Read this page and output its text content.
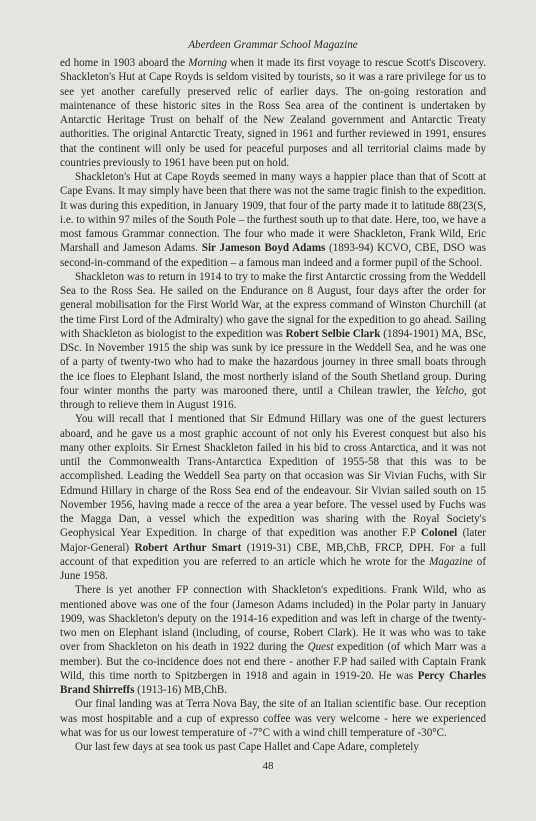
Aberdeen Grammar School Magazine

ed home in 1903 aboard the Morning when it made its first voyage to rescue Scott's Discovery. Shackleton's Hut at Cape Royds is seldom visited by tourists, so it was a rare privilege for us to see yet another carefully preserved relic of earlier days. The on-going restoration and maintenance of these historic sites in the Ross Sea area of the continent is undertaken by Antarctic Heritage Trust on behalf of the New Zealand government and Antarctic Treaty authorities. The original Antarctic Treaty, signed in 1961 and further reviewed in 1991, ensures that the continent will only be used for peaceful purposes and all territorial claims made by countries previously to 1961 have been put on hold.

Shackleton's Hut at Cape Royds seemed in many ways a happier place than that of Scott at Cape Evans. It may simply have been that there was not the same tragic finish to the expedition. It was during this expedition, in January 1909, that four of the party made it to latitude 88(23(S, i.e. to within 97 miles of the South Pole – the furthest south up to that date. Here, too, we have a most famous Grammar connection. The four who made it were Shackleton, Frank Wild, Eric Marshall and Jameson Adams. Sir Jameson Boyd Adams (1893-94) KCVO, CBE, DSO was second-in-command of the expedition – a famous man indeed and a former pupil of the School.

Shackleton was to return in 1914 to try to make the first Antarctic crossing from the Weddell Sea to the Ross Sea. He sailed on the Endurance on 8 August, four days after the order for general mobilisation for the First World War, at the express command of Winston Churchill (at the time First Lord of the Admiralty) who gave the signal for the expedition to go ahead. Sailing with Shackleton as biologist to the expedition was Robert Selbie Clark (1894-1901) MA, BSc, DSc. In November 1915 the ship was sunk by ice pressure in the Weddell Sea, and he was one of a party of twenty-two who had to make the hazardous journey in three small boats through the ice floes to Elephant Island, the most northerly island of the South Shetland group. During four winter months the party was marooned there, until a Chilean trawler, the Yelcho, got through to relieve them in August 1916.

You will recall that I mentioned that Sir Edmund Hillary was one of the guest lecturers aboard, and he gave us a most graphic account of not only his Everest conquest but also his many other exploits. Sir Ernest Shackleton failed in his bid to cross Antarctica, and it was not until the Commonwealth Trans-Antarctica Expedition of 1955-58 that this was to be accomplished. Leading the Weddell Sea party on that occasion was Sir Vivian Fuchs, with Sir Edmund Hillary in charge of the Ross Sea end of the endeavour. Sir Vivian sailed south on 15 November 1956, having made a recce of the area a year before. The vessel used by Fuchs was the Magga Dan, a vessel which the expedition was sharing with the Royal Society's Geophysical Year Expedition. In charge of that expedition was another F.P Colonel (later Major-General) Robert Arthur Smart (1919-31) CBE, MB,ChB, FRCP, DPH. For a full account of that expedition you are referred to an article which he wrote for the Magazine of June 1958.

There is yet another FP connection with Shackleton's expeditions. Frank Wild, who as mentioned above was one of the four (Jameson Adams included) in the Polar party in January 1909, was Shackleton's deputy on the 1914-16 expedition and was left in charge of the twenty-two men on Elephant island (including, of course, Robert Clark). He it was who was to take over from Shackleton on his death in 1922 during the Quest expedition (of which Marr was a member). But the co-incidence does not end there - another F.P had sailed with Captain Frank Wild, this time north to Spitzbergen in 1918 and again in 1919-20. He was Percy Charles Brand Shirreffs (1913-16) MB,ChB.

Our final landing was at Terra Nova Bay, the site of an Italian scientific base. Our reception was most hospitable and a cup of expresso coffee was very welcome - here we experienced what was for us our lowest temperature of -7°C with a wind chill temperature of -30°C.

Our last few days at sea took us past Cape Hallet and Cape Adare, completely

48
